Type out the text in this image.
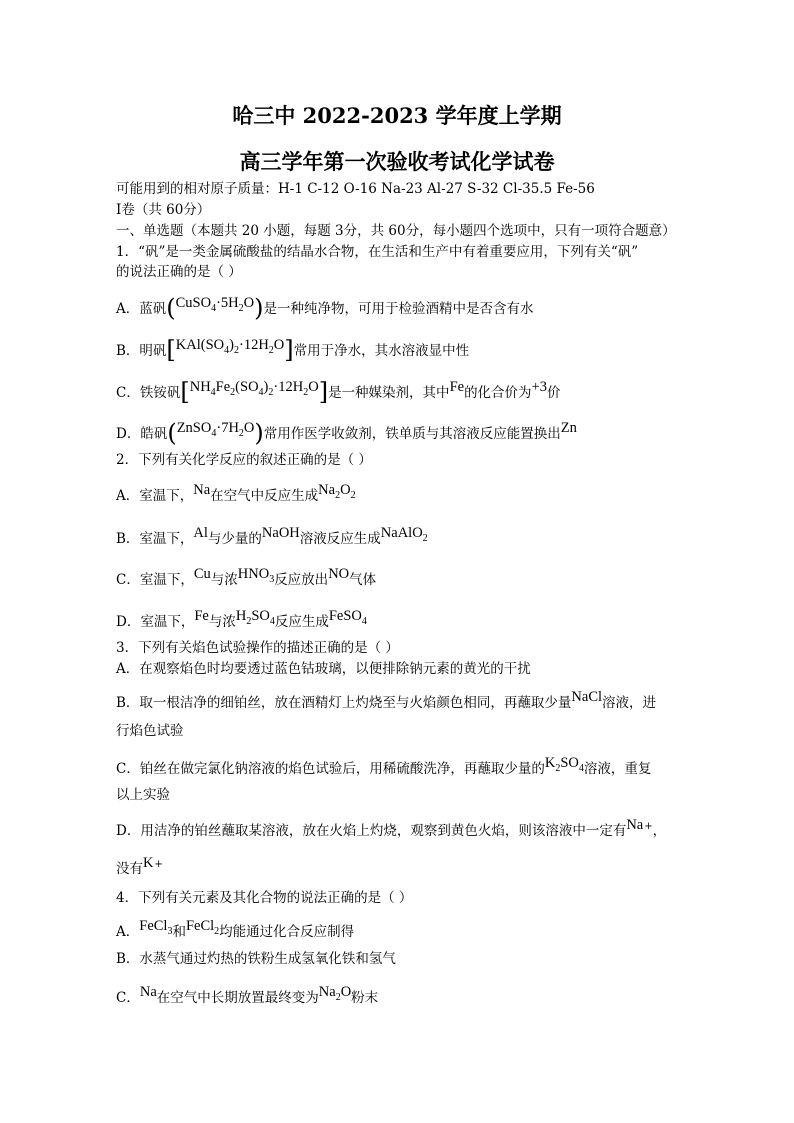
哈三中 2022-2023 学年度上学期
高三学年第一次验收考试化学试卷
可能用到的相对原子质量：H-1 C-12 O-16 Na-23 Al-27 S-32 Cl-35.5 Fe-56
Ⅰ卷（共 60分）
一、单选题（本题共 20 小题，每题 3分，共 60分，每小题四个选项中，只有一项符合题意）
1．“矾”是一类金属硫酸盐的结晶水合物，在生活和生产中有着重要应用，下列有关“矾”
的说法正确的是（ ）
A．蓝矾$(CuSO_4\cdot 5H_2O)$是一种纯净物，可用于检验酒精中是否含有水
B．明矾$[KAl(SO_4)_2\cdot 12H_2O]$常用于净水，其水溶液显中性
C．铁铵矾$[NH_4Fe_2(SO_4)_2\cdot 12H_2O]$是一种媒染剂，其中Fe的化合价为+3价
D．皓矾$(ZnSO_4\cdot 7H_2O)$常用作医学收敛剂，铁单质与其溶液反应能置换出Zn
2．下列有关化学反应的叙述正确的是（ ）
A．室温下，Na在空气中反应生成$Na_2O_2$
B．室温下，Al与少量的NaOH溶液反应生成NaAlO$_2$
C．室温下，Cu与浓$HNO_3$反应放出NO气体
D．室温下，Fe与浓$H_2SO_4$反应生成FeSO$_4$
3．下列有关焰色试验操作的描述正确的是（ ）
A．在观察焰色时均要透过蓝色钴玻璃，以便排除钠元素的黄光的干扰
B．取一根洁净的细铂丝，放在酒精灯上灼烧至与火焰颜色相同，再蘸取少量NaCl溶液，进
行焰色试验
C．铂丝在做完氯化钠溶液的焰色试验后，用稀硫酸洗净，再蘸取少量的$K_2SO_4$溶液，重复
以上实验
D．用洁净的铂丝蘸取某溶液，放在火焰上灼烧，观察到黄色火焰，则该溶液中一定有Na+，
没有K+
4．下列有关元素及其化合物的说法正确的是（ ）
A．FeCl$_3$和FeCl$_2$均能通过化合反应制得
B．水蒸气通过灼热的铁粉生成氢氧化铁和氢气
C．Na在空气中长期放置最终变为$Na_2O$粉末
